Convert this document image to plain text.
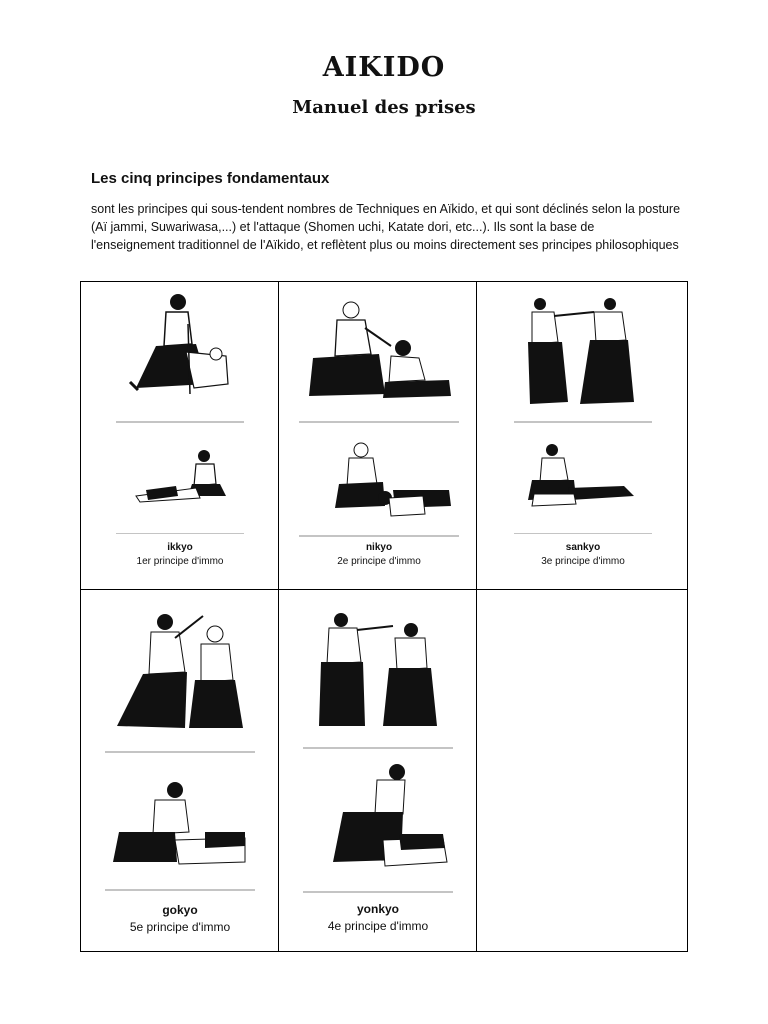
AIKIDO
Manuel des prises
Les cinq principes fondamentaux
sont les principes qui sous-tendent nombres de Techniques en Aïkido, et qui sont déclinés selon la posture (Aï jammi, Suwariwasa,...) et l'attaque (Shomen uchi, Katate dori, etc...). Ils sont la base de l'enseignement traditionnel de l'Aïkido, et reflètent plus ou moins directement ses principes philosophiques
ikkyo
1er principe d'immo
nikyo
2e principe d'immo
sankyo
3e principe d'immo
gokyo
5e principe d'immo
yonkyo
4e principe d'immo
